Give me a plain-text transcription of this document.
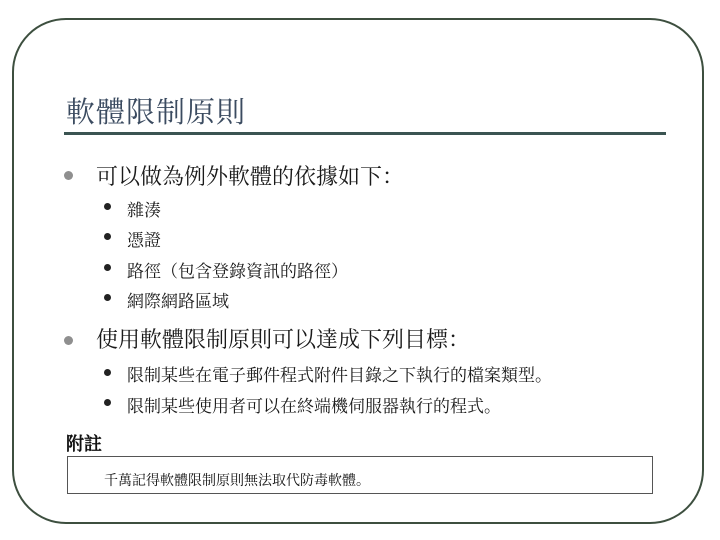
軟體限制原則
可以做為例外軟體的依據如下：
雜湊
憑證
路徑（包含登錄資訊的路徑）
網際網路區域
使用軟體限制原則可以達成下列目標：
限制某些在電子郵件程式附件目錄之下執行的檔案類型。
限制某些使用者可以在終端機伺服器執行的程式。
附註
千萬記得軟體限制原則無法取代防毒軟體。
